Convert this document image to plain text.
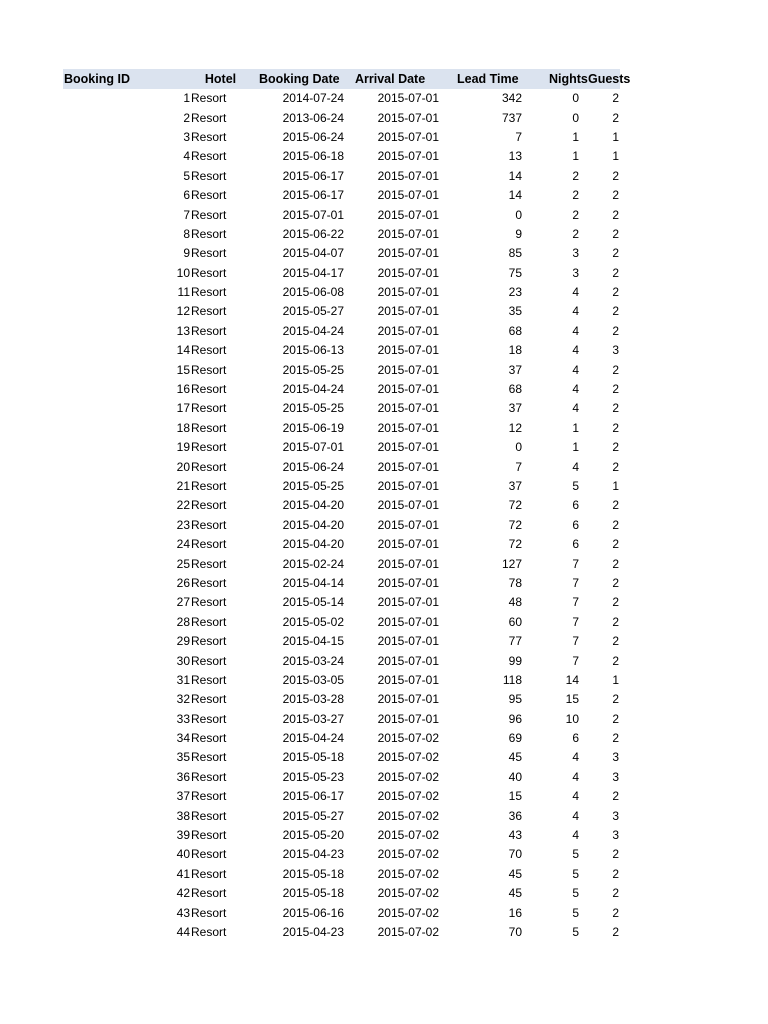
Booking ID	Hotel	Booking Date	Arrival Date	Lead Time	Nights	Guests
1	Resort	2014-07-24	2015-07-01	342	0	2
2	Resort	2013-06-24	2015-07-01	737	0	2
3	Resort	2015-06-24	2015-07-01	7	1	1
4	Resort	2015-06-18	2015-07-01	13	1	1
5	Resort	2015-06-17	2015-07-01	14	2	2
6	Resort	2015-06-17	2015-07-01	14	2	2
7	Resort	2015-07-01	2015-07-01	0	2	2
8	Resort	2015-06-22	2015-07-01	9	2	2
9	Resort	2015-04-07	2015-07-01	85	3	2
10	Resort	2015-04-17	2015-07-01	75	3	2
11	Resort	2015-06-08	2015-07-01	23	4	2
12	Resort	2015-05-27	2015-07-01	35	4	2
13	Resort	2015-04-24	2015-07-01	68	4	2
14	Resort	2015-06-13	2015-07-01	18	4	3
15	Resort	2015-05-25	2015-07-01	37	4	2
16	Resort	2015-04-24	2015-07-01	68	4	2
17	Resort	2015-05-25	2015-07-01	37	4	2
18	Resort	2015-06-19	2015-07-01	12	1	2
19	Resort	2015-07-01	2015-07-01	0	1	2
20	Resort	2015-06-24	2015-07-01	7	4	2
21	Resort	2015-05-25	2015-07-01	37	5	1
22	Resort	2015-04-20	2015-07-01	72	6	2
23	Resort	2015-04-20	2015-07-01	72	6	2
24	Resort	2015-04-20	2015-07-01	72	6	2
25	Resort	2015-02-24	2015-07-01	127	7	2
26	Resort	2015-04-14	2015-07-01	78	7	2
27	Resort	2015-05-14	2015-07-01	48	7	2
28	Resort	2015-05-02	2015-07-01	60	7	2
29	Resort	2015-04-15	2015-07-01	77	7	2
30	Resort	2015-03-24	2015-07-01	99	7	2
31	Resort	2015-03-05	2015-07-01	118	14	1
32	Resort	2015-03-28	2015-07-01	95	15	2
33	Resort	2015-03-27	2015-07-01	96	10	2
34	Resort	2015-04-24	2015-07-02	69	6	2
35	Resort	2015-05-18	2015-07-02	45	4	3
36	Resort	2015-05-23	2015-07-02	40	4	3
37	Resort	2015-06-17	2015-07-02	15	4	2
38	Resort	2015-05-27	2015-07-02	36	4	3
39	Resort	2015-05-20	2015-07-02	43	4	3
40	Resort	2015-04-23	2015-07-02	70	5	2
41	Resort	2015-05-18	2015-07-02	45	5	2
42	Resort	2015-05-18	2015-07-02	45	5	2
43	Resort	2015-06-16	2015-07-02	16	5	2
44	Resort	2015-04-23	2015-07-02	70	5	2
